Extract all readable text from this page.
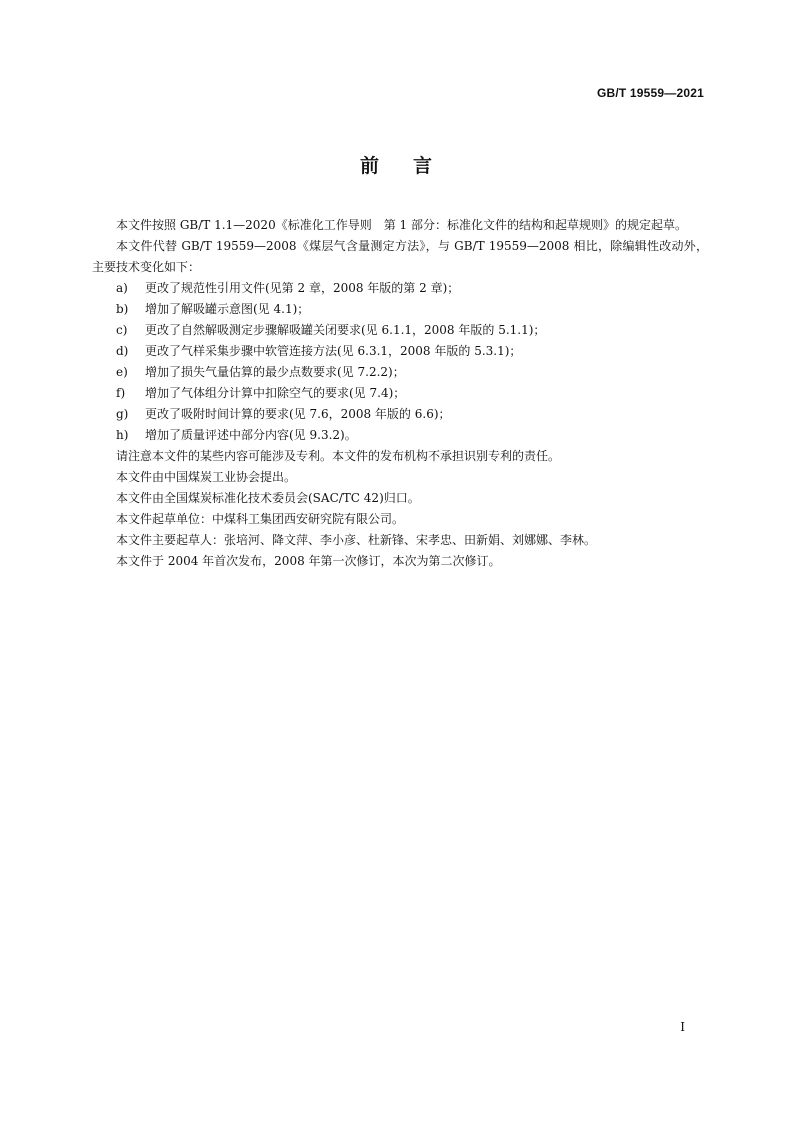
GB/T 19559—2021
前 言

本文件按照 GB/T 1.1—2020《标准化工作导则　第 1 部分：标准化文件的结构和起草规则》的规定起草。

本文件代替 GB/T 19559—2008《煤层气含量测定方法》，与 GB/T 19559—2008 相比，除编辑性改动外，主要技术变化如下：

a) 更改了规范性引用文件(见第 2 章，2008 年版的第 2 章)；

b) 增加了解吸罐示意图(见 4.1)；

c) 更改了自然解吸测定步骤解吸罐关闭要求(见 6.1.1，2008 年版的 5.1.1)；

d) 更改了气样采集步骤中软管连接方法(见 6.3.1，2008 年版的 5.3.1)；

e) 增加了损失气量估算的最少点数要求(见 7.2.2)；

f) 增加了气体组分计算中扣除空气的要求(见 7.4)；

g) 更改了吸附时间计算的要求(见 7.6，2008 年版的 6.6)；

h) 增加了质量评述中部分内容(见 9.3.2)。

请注意本文件的某些内容可能涉及专利。本文件的发布机构不承担识别专利的责任。

本文件由中国煤炭工业协会提出。

本文件由全国煤炭标准化技术委员会(SAC/TC 42)归口。

本文件起草单位：中煤科工集团西安研究院有限公司。

本文件主要起草人：张培河、降文萍、李小彦、杜新锋、宋孝忠、田新娟、刘娜娜、李林。

本文件于 2004 年首次发布，2008 年第一次修订，本次为第二次修订。

I
